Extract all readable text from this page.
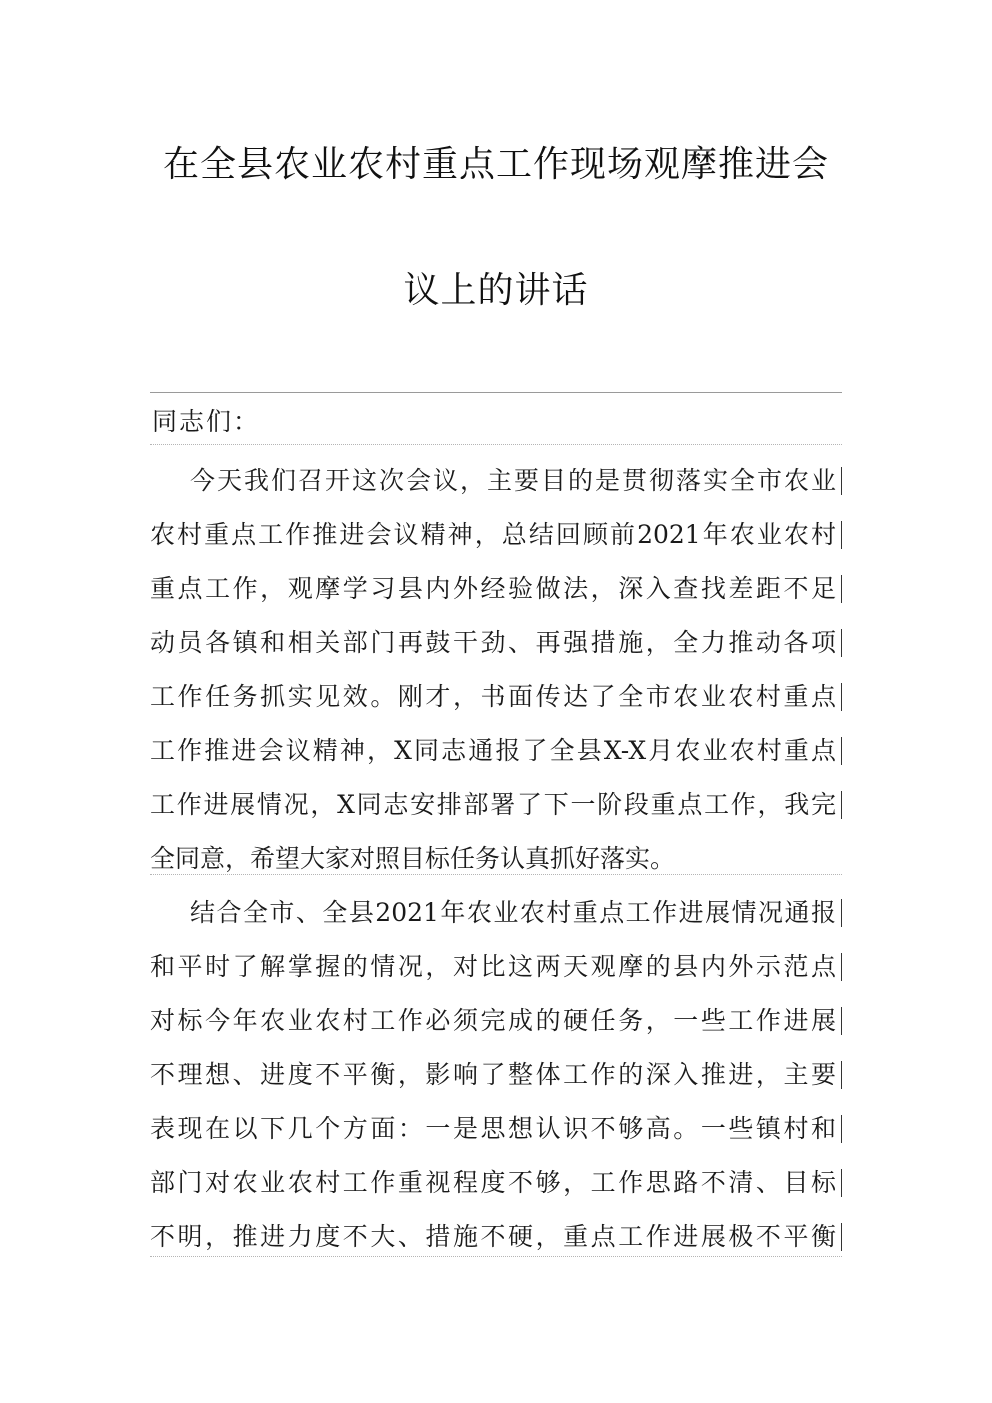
在全县农业农村重点工作现场观摩推进会
议上的讲话
同志们：
今天我们召开这次会议，主要目的是贯彻落实全市农业
农村重点工作推进会议精神，总结回顾前2021年农业农村
重点工作，观摩学习县内外经验做法，深入查找差距不足
动员各镇和相关部门再鼓干劲、再强措施，全力推动各项
工作任务抓实见效。刚才，书面传达了全市农业农村重点
工作推进会议精神，X同志通报了全县X-X月农业农村重点
工作进展情况，X同志安排部署了下一阶段重点工作，我完
全同意，希望大家对照目标任务认真抓好落实。
结合全市、全县2021年农业农村重点工作进展情况通报
和平时了解掌握的情况，对比这两天观摩的县内外示范点
对标今年农业农村工作必须完成的硬任务，一些工作进展
不理想、进度不平衡，影响了整体工作的深入推进，主要
表现在以下几个方面：一是思想认识不够高。一些镇村和
部门对农业农村工作重视程度不够，工作思路不清、目标
不明，推进力度不大、措施不硬，重点工作进展极不平衡
